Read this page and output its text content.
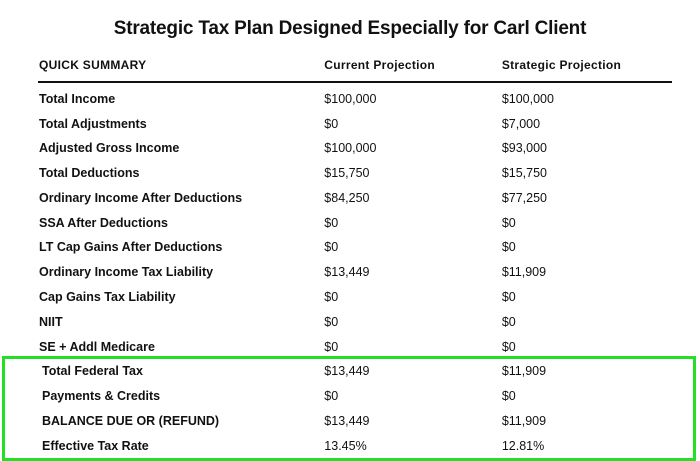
Strategic Tax Plan Designed Especially for Carl Client
QUICK SUMMARY	Current Projection	Strategic Projection
Total Income	$100,000	$100,000
Total Adjustments	$0	$7,000
Adjusted Gross Income	$100,000	$93,000
Total Deductions	$15,750	$15,750
Ordinary Income After Deductions	$84,250	$77,250
SSA After Deductions	$0	$0
LT Cap Gains After Deductions	$0	$0
Ordinary Income Tax Liability	$13,449	$11,909
Cap Gains Tax Liability	$0	$0
NIIT	$0	$0
SE + Addl Medicare	$0	$0
Total Federal Tax	$13,449	$11,909
Payments & Credits	$0	$0
BALANCE DUE OR (REFUND)	$13,449	$11,909
Effective Tax Rate	13.45%	12.81%
